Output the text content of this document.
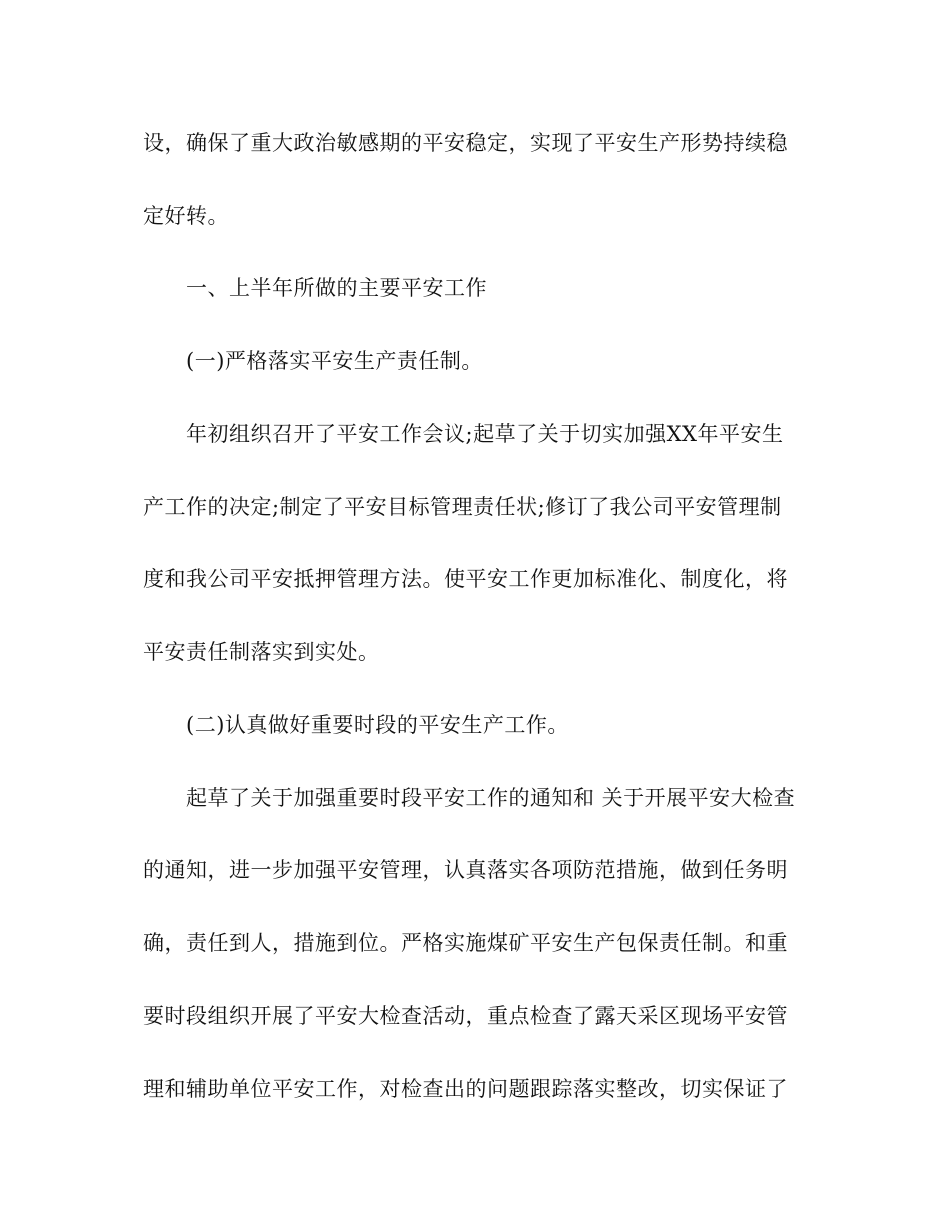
设，确保了重大政治敏感期的平安稳定，实现了平安生产形势持续稳
定好转。
一、上半年所做的主要平安工作
(一)严格落实平安生产责任制。
年初组织召开了平安工作会议;起草了关于切实加强XX年平安生
产工作的决定;制定了平安目标管理责任状;修订了我公司平安管理制
度和我公司平安抵押管理方法。使平安工作更加标准化、制度化，将
平安责任制落实到实处。
(二)认真做好重要时段的平安生产工作。
起草了关于加强重要时段平安工作的通知和 关于开展平安大检查
的通知，进一步加强平安管理，认真落实各项防范措施，做到任务明
确，责任到人，措施到位。严格实施煤矿平安生产包保责任制。和重
要时段组织开展了平安大检查活动，重点检查了露天采区现场平安管
理和辅助单位平安工作，对检查出的问题跟踪落实整改，切实保证了
